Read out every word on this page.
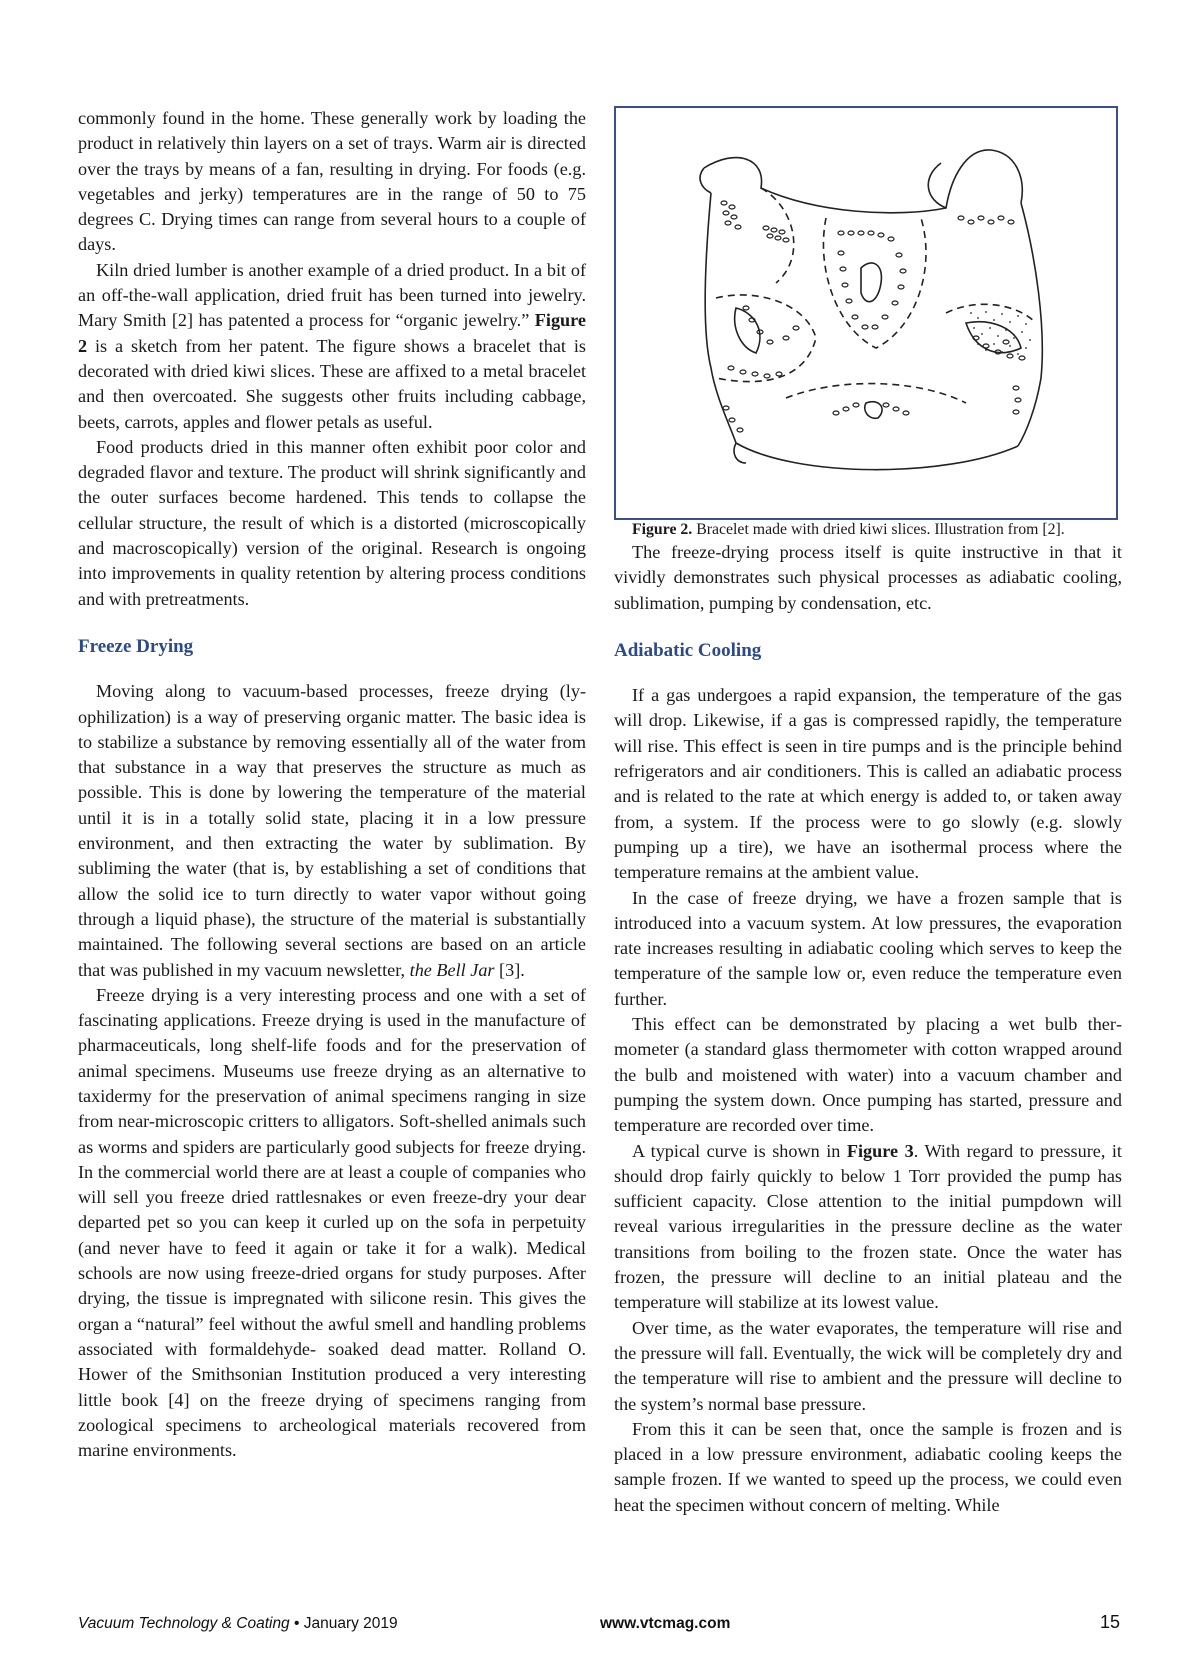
commonly found in the home. These generally work by loading the product in relatively thin layers on a set of trays. Warm air is directed over the trays by means of a fan, resulting in drying. For foods (e.g. vegetables and jerky) temperatures are in the range of 50 to 75 degrees C. Drying times can range from several hours to a couple of days.

Kiln dried lumber is another example of a dried product. In a bit of an off-the-wall application, dried fruit has been turned into jewelry. Mary Smith [2] has patented a process for “organic jewelry.” Figure 2 is a sketch from her patent. The figure shows a bracelet that is decorated with dried kiwi slices. These are affixed to a metal bracelet and then overcoated. She suggests other fruits including cabbage, beets, carrots, apples and flower petals as useful.

Food products dried in this manner often exhibit poor color and degraded flavor and texture. The product will shrink significantly and the outer surfaces become hardened. This tends to collapse the cellular structure, the result of which is a distorted (microscopically and macroscopically) version of the original. Research is ongoing into improvements in quality retention by altering process conditions and with pretreatments.

Freeze Drying

Moving along to vacuum-based processes, freeze drying (lyophilization) is a way of preserving organic matter. The basic idea is to stabilize a substance by removing essentially all of the water from that substance in a way that preserves the structure as much as possible. This is done by lowering the temperature of the material until it is in a totally solid state, placing it in a low pressure environment, and then extracting the water by sublimation. By subliming the water (that is, by establishing a set of conditions that allow the solid ice to turn directly to water vapor without going through a liquid phase), the structure of the material is substantially maintained. The following several sections are based on an article that was published in my vacuum newsletter, the Bell Jar [3].

Freeze drying is a very interesting process and one with a set of fascinating applications. Freeze drying is used in the manufacture of pharmaceuticals, long shelf-life foods and for the preservation of animal specimens. Museums use freeze drying as an alternative to taxidermy for the preservation of animal specimens ranging in size from near-microscopic critters to alligators. Soft-shelled animals such as worms and spiders are particularly good subjects for freeze drying. In the commercial world there are at least a couple of companies who will sell you freeze dried rattlesnakes or even freeze-dry your dear departed pet so you can keep it curled up on the sofa in perpetuity (and never have to feed it again or take it for a walk). Medical schools are now using freeze-dried organs for study purposes. After drying, the tissue is impregnated with silicone resin. This gives the organ a “natural” feel without the awful smell and handling problems associated with formaldehyde- soaked dead matter. Rolland O. Hower of the Smithsonian Institution produced a very interesting little book [4] on the freeze drying of specimens ranging from zoological specimens to archeological materials recovered from marine environments.

Figure 2. Bracelet made with dried kiwi slices. Illustration from [2].

The freeze-drying process itself is quite instructive in that it vividly demonstrates such physical processes as adiabatic cooling, sublimation, pumping by condensation, etc.

Adiabatic Cooling

If a gas undergoes a rapid expansion, the temperature of the gas will drop. Likewise, if a gas is compressed rapidly, the temperature will rise. This effect is seen in tire pumps and is the principle behind refrigerators and air conditioners. This is called an adiabatic process and is related to the rate at which energy is added to, or taken away from, a system. If the process were to go slowly (e.g. slowly pumping up a tire), we have an isothermal process where the temperature remains at the ambient value.

In the case of freeze drying, we have a frozen sample that is introduced into a vacuum system. At low pressures, the evaporation rate increases resulting in adiabatic cooling which serves to keep the temperature of the sample low or, even reduce the temperature even further.

This effect can be demonstrated by placing a wet bulb thermometer (a standard glass thermometer with cotton wrapped around the bulb and moistened with water) into a vacuum chamber and pumping the system down. Once pumping has started, pressure and temperature are recorded over time.

A typical curve is shown in Figure 3. With regard to pressure, it should drop fairly quickly to below 1 Torr provided the pump has sufficient capacity. Close attention to the initial pumpdown will reveal various irregularities in the pressure decline as the water transitions from boiling to the frozen state. Once the water has frozen, the pressure will decline to an initial plateau and the temperature will stabilize at its lowest value.

Over time, as the water evaporates, the temperature will rise and the pressure will fall. Eventually, the wick will be completely dry and the temperature will rise to ambient and the pressure will decline to the system’s normal base pressure.

From this it can be seen that, once the sample is frozen and is placed in a low pressure environment, adiabatic cooling keeps the sample frozen. If we wanted to speed up the process, we could even heat the specimen without concern of melting. While

Vacuum Technology & Coating • January 2019	www.vtcmag.com	15
